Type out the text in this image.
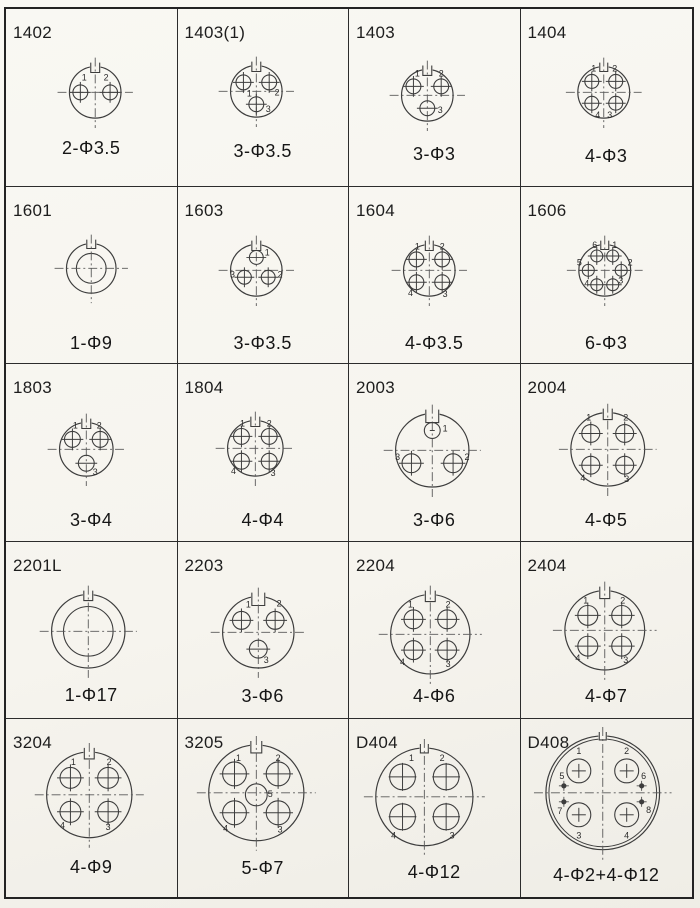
1402
1 2
2-Φ3.5
1403(1)
1	2
3
3-Φ3.5
1403
1 2
3
3-Φ3
1404
1 2
3
4
4-Φ3
1601
1-Φ9
1603
1
2
3
3-Φ3.5
1604
1 2
3
4
4-Φ3.5
1606
1
2
3
4
5
6
6-Φ3
1803
1 2
3
3-Φ4
1804
1 2
3
4
4-Φ4
2003
1
2
3
3-Φ6
2004
1	2
3
4
4-Φ5
2201L
1-Φ17
2203
1	2
3
3-Φ6
2204
1	2
3
4
4-Φ6
2404
1	2
3
4
4-Φ7
3204
1	2
3
4
4-Φ9
3205
1	2
3
4
5
5-Φ7
D404
1	2
3
4
4-Φ12
D408 1	2
3	4
5	6
7	8
4-Φ2+4-Φ12
